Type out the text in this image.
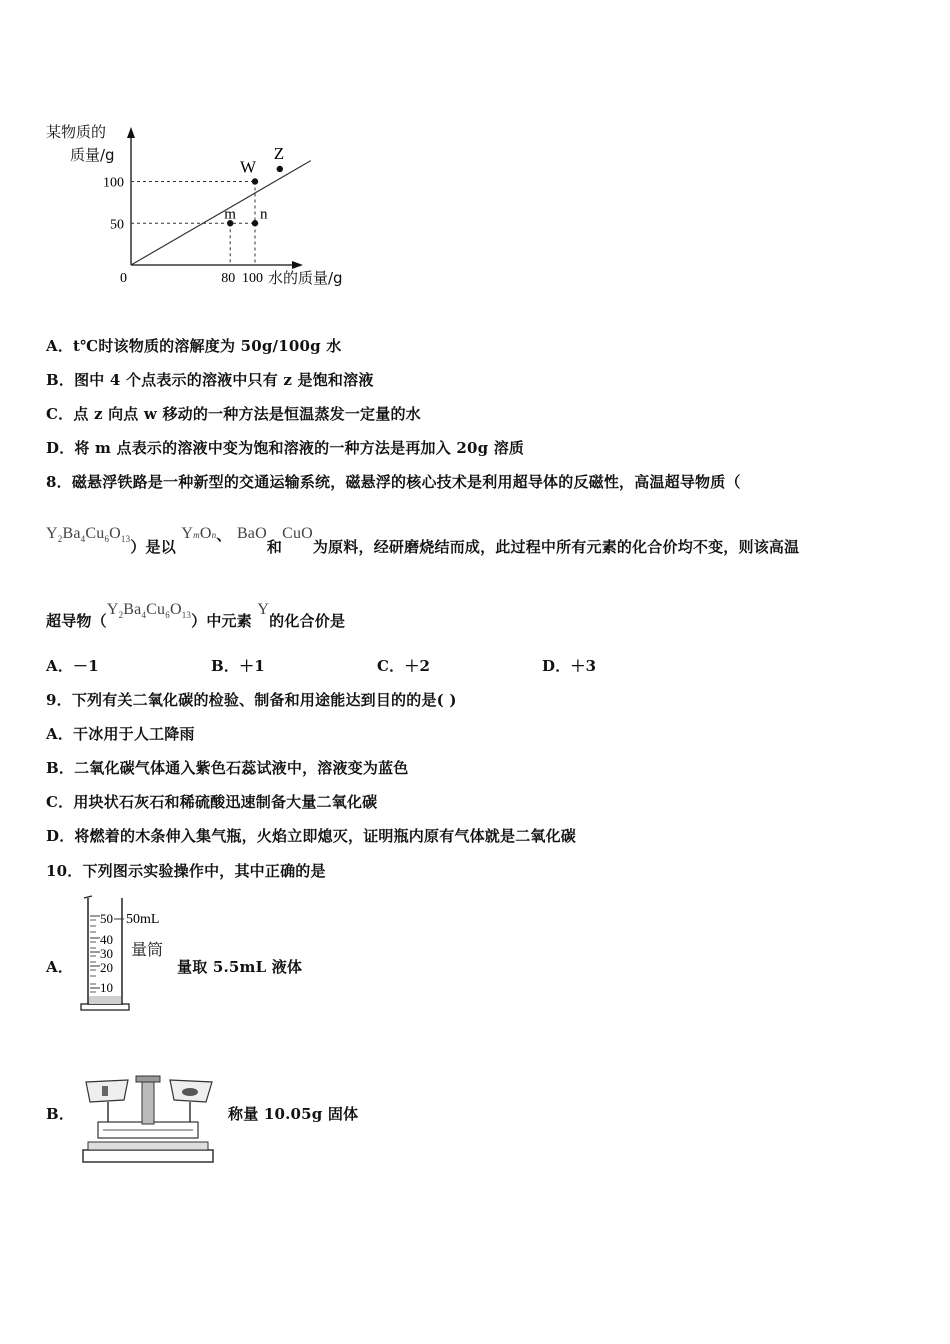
某物质的
质量/g
水的质量/g
m n
W
Z
0	80 100
50
100
A．t℃时该物质的溶解度为 50g/100g 水
B．图中 4 个点表示的溶液中只有 z 是饱和溶液
C．点 z 向点 w 移动的一种方法是恒温蒸发一定量的水
D．将 m 点表示的溶液中变为饱和溶液的一种方法是再加入 20g 溶质
8．磁悬浮铁路是一种新型的交通运输系统，磁悬浮的核心技术是利用超导体的反磁性，高温超导物质（
$Y_2Ba_4Cu_6O_{13}$）是以 YmOn、 BaO和CuO为原料，经研磨烧结而成，此过程中所有元素的化合价均不变，则该高温
超导物$(Y_2Ba_4Cu_6O_{13})$中元素 Y的化合价是
A．－1	B．＋1	C．＋2	D．＋3
9．下列有关二氧化碳的检验、制备和用途能达到目的的是( )
A．干冰用于人工降雨
B．二氧化碳气体通入紫色石蕊试液中，溶液变为蓝色
C．用块状石灰石和稀硫酸迅速制备大量二氧化碳
D．将燃着的木条伸入集气瓶，火焰立即熄灭，证明瓶内原有气体就是二氧化碳
10．下列图示实验操作中，其中正确的是
A．
50
40
30
20
10
50mL
量筒
量取 5.5mL 液体
B．	称量 10.05g 固体
